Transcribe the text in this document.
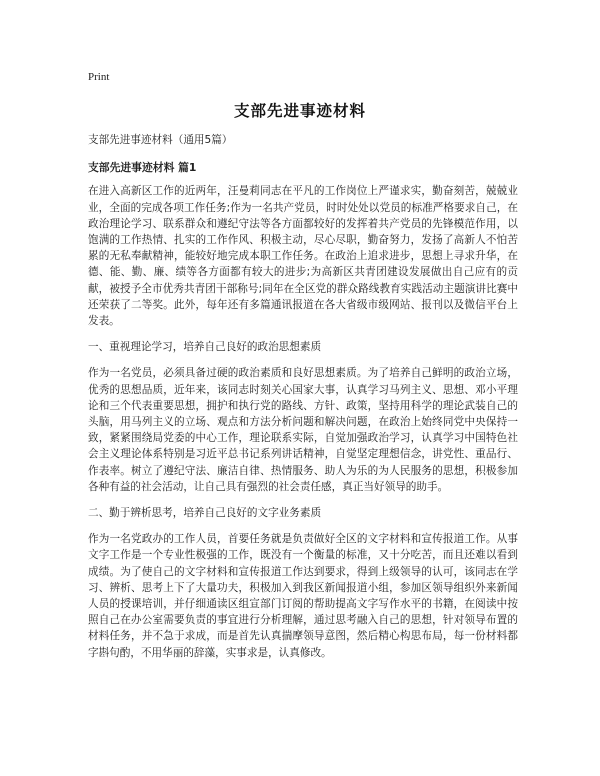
Print
支部先进事迹材料
支部先进事迹材料（通用5篇）
支部先进事迹材料 篇1
在进入高新区工作的近两年，汪曼莉同志在平凡的工作岗位上严谨求实，勤奋刻苦，兢兢业业，全面的完成各项工作任务;作为一名共产党员，时时处处以党员的标准严格要求自己，在政治理论学习、联系群众和遵纪守法等各方面都较好的发挥着共产党员的先锋模范作用，以饱满的工作热情、扎实的工作作风、积极主动，尽心尽职，勤奋努力，发扬了高新人不怕苦累的无私奉献精神，能较好地完成本职工作任务。在政治上追求进步，思想上寻求升华，在德、能、勤、廉、绩等各方面都有较大的进步;为高新区共青团建设发展做出自己应有的贡献，被授予全市优秀共青团干部称号;同年在全区党的群众路线教育实践活动主题演讲比赛中还荣获了二等奖。此外，每年还有多篇通讯报道在各大省级市级网站、报刊以及微信平台上发表。
一、重视理论学习，培养自己良好的政治思想素质
作为一名党员，必须具备过硬的政治素质和良好思想素质。为了培养自己鲜明的政治立场，优秀的思想品质，近年来，该同志时刻关心国家大事，认真学习马列主义、思想、邓小平理论和三个代表重要思想，拥护和执行党的路线、方针、政策，坚持用科学的理论武装自己的头脑，用马列主义的立场、观点和方法分析问题和解决问题，在政治上始终同党中央保持一致，紧紧围绕局党委的中心工作，理论联系实际，自觉加强政治学习，认真学习中国特色社会主义理论体系特别是习近平总书记系列讲话精神，自觉坚定理想信念，讲党性、重品行、作表率。树立了遵纪守法、廉洁自律、热情服务、助人为乐的为人民服务的思想，积极参加各种有益的社会活动，让自己具有强烈的社会责任感，真正当好领导的助手。
二、勤于辨析思考，培养自己良好的文字业务素质
作为一名党政办的工作人员，首要任务就是负责做好全区的文字材料和宣传报道工作。从事文字工作是一个专业性极强的工作，既没有一个衡量的标准，又十分吃苦，而且还难以看到成绩。为了使自己的文字材料和宣传报道工作达到要求，得到上级领导的认可，该同志在学习、辨析、思考上下了大量功夫，积极加入到我区新闻报道小组，参加区领导组织外来新闻人员的授课培训，并仔细通读区组宣部门订阅的帮助提高文字写作水平的书籍，在阅读中按照自己在办公室需要负责的事宜进行分析理解，通过思考融入自己的思想，针对领导布置的材料任务，并不急于求成，而是首先认真揣摩领导意图，然后精心构思布局，每一份材料都字斟句酌，不用华丽的辞藻，实事求是，认真修改。
